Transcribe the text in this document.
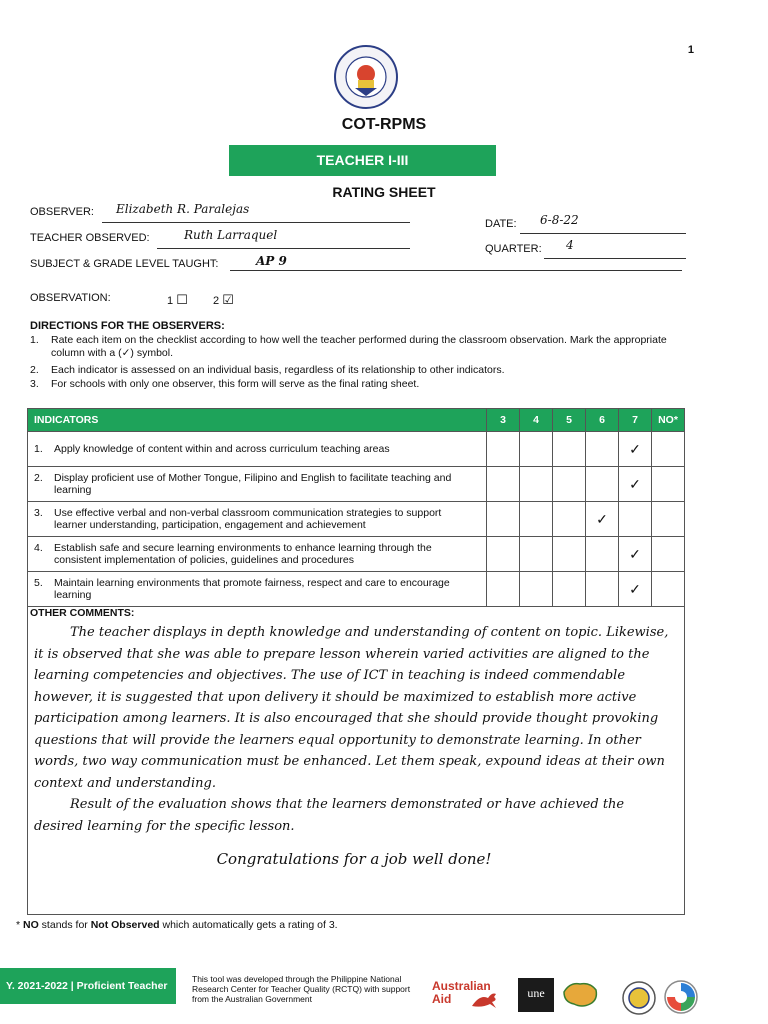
1
COT-RPMS
TEACHER I-III
RATING SHEET
OBSERVER: Elizabeth R. Paralejas
DATE: 6-8-22
TEACHER OBSERVED:	Ruth Larraquel
QUARTER: 4
SUBJECT & GRADE LEVEL TAUGHT:	AP 9
OBSERVATION:	1 ☐ 2 ☑
DIRECTIONS FOR THE OBSERVERS:
1. Rate each item on the checklist according to how well the teacher performed during the classroom observation. Mark the appropriate column with a (✓) symbol.
2. Each indicator is assessed on an individual basis, regardless of its relationship to other indicators.
3. For schools with only one observer, this form will serve as the final rating sheet.
INDICATORS	3	4	5	6	7	NO*
1. Apply knowledge of content within and across curriculum teaching areas					✓	
2. Display proficient use of Mother Tongue, Filipino and English to facilitate teaching and learning					✓	
3. Use effective verbal and non-verbal classroom communication strategies to support learner understanding, participation, engagement and achievement				✓		
4. Establish safe and secure learning environments to enhance learning through the consistent implementation of policies, guidelines and procedures					✓	
5. Maintain learning environments that promote fairness, respect and care to encourage learning					✓	
OTHER COMMENTS:

The teacher displays in depth knowledge and understanding of content on topic. Likewise, it is observed that she was able to prepare lesson wherein varied activities are aligned to the learning competencies and objectives. The use of ICT in teaching is indeed commendable however, it is suggested that upon delivery it should be maximized to establish more active participation among learners. It is also encouraged that she should provide thought provoking questions that will provide the learners equal opportunity to demonstrate learning. In other words, two way communication must be enhanced. Let them speak, expound ideas at their own context and understanding.

Result of the evaluation shows that the learners demonstrated or have achieved the desired learning for the specific lesson.

Congratulations for a job well done!
* NO stands for Not Observed which automatically gets a rating of 3.
Y. 2021-2022 | Proficient Teacher
This tool was developed through the Philippine National Research Center for Teacher Quality (RCTQ) with support from the Australian Government
Australian
Aid	une
